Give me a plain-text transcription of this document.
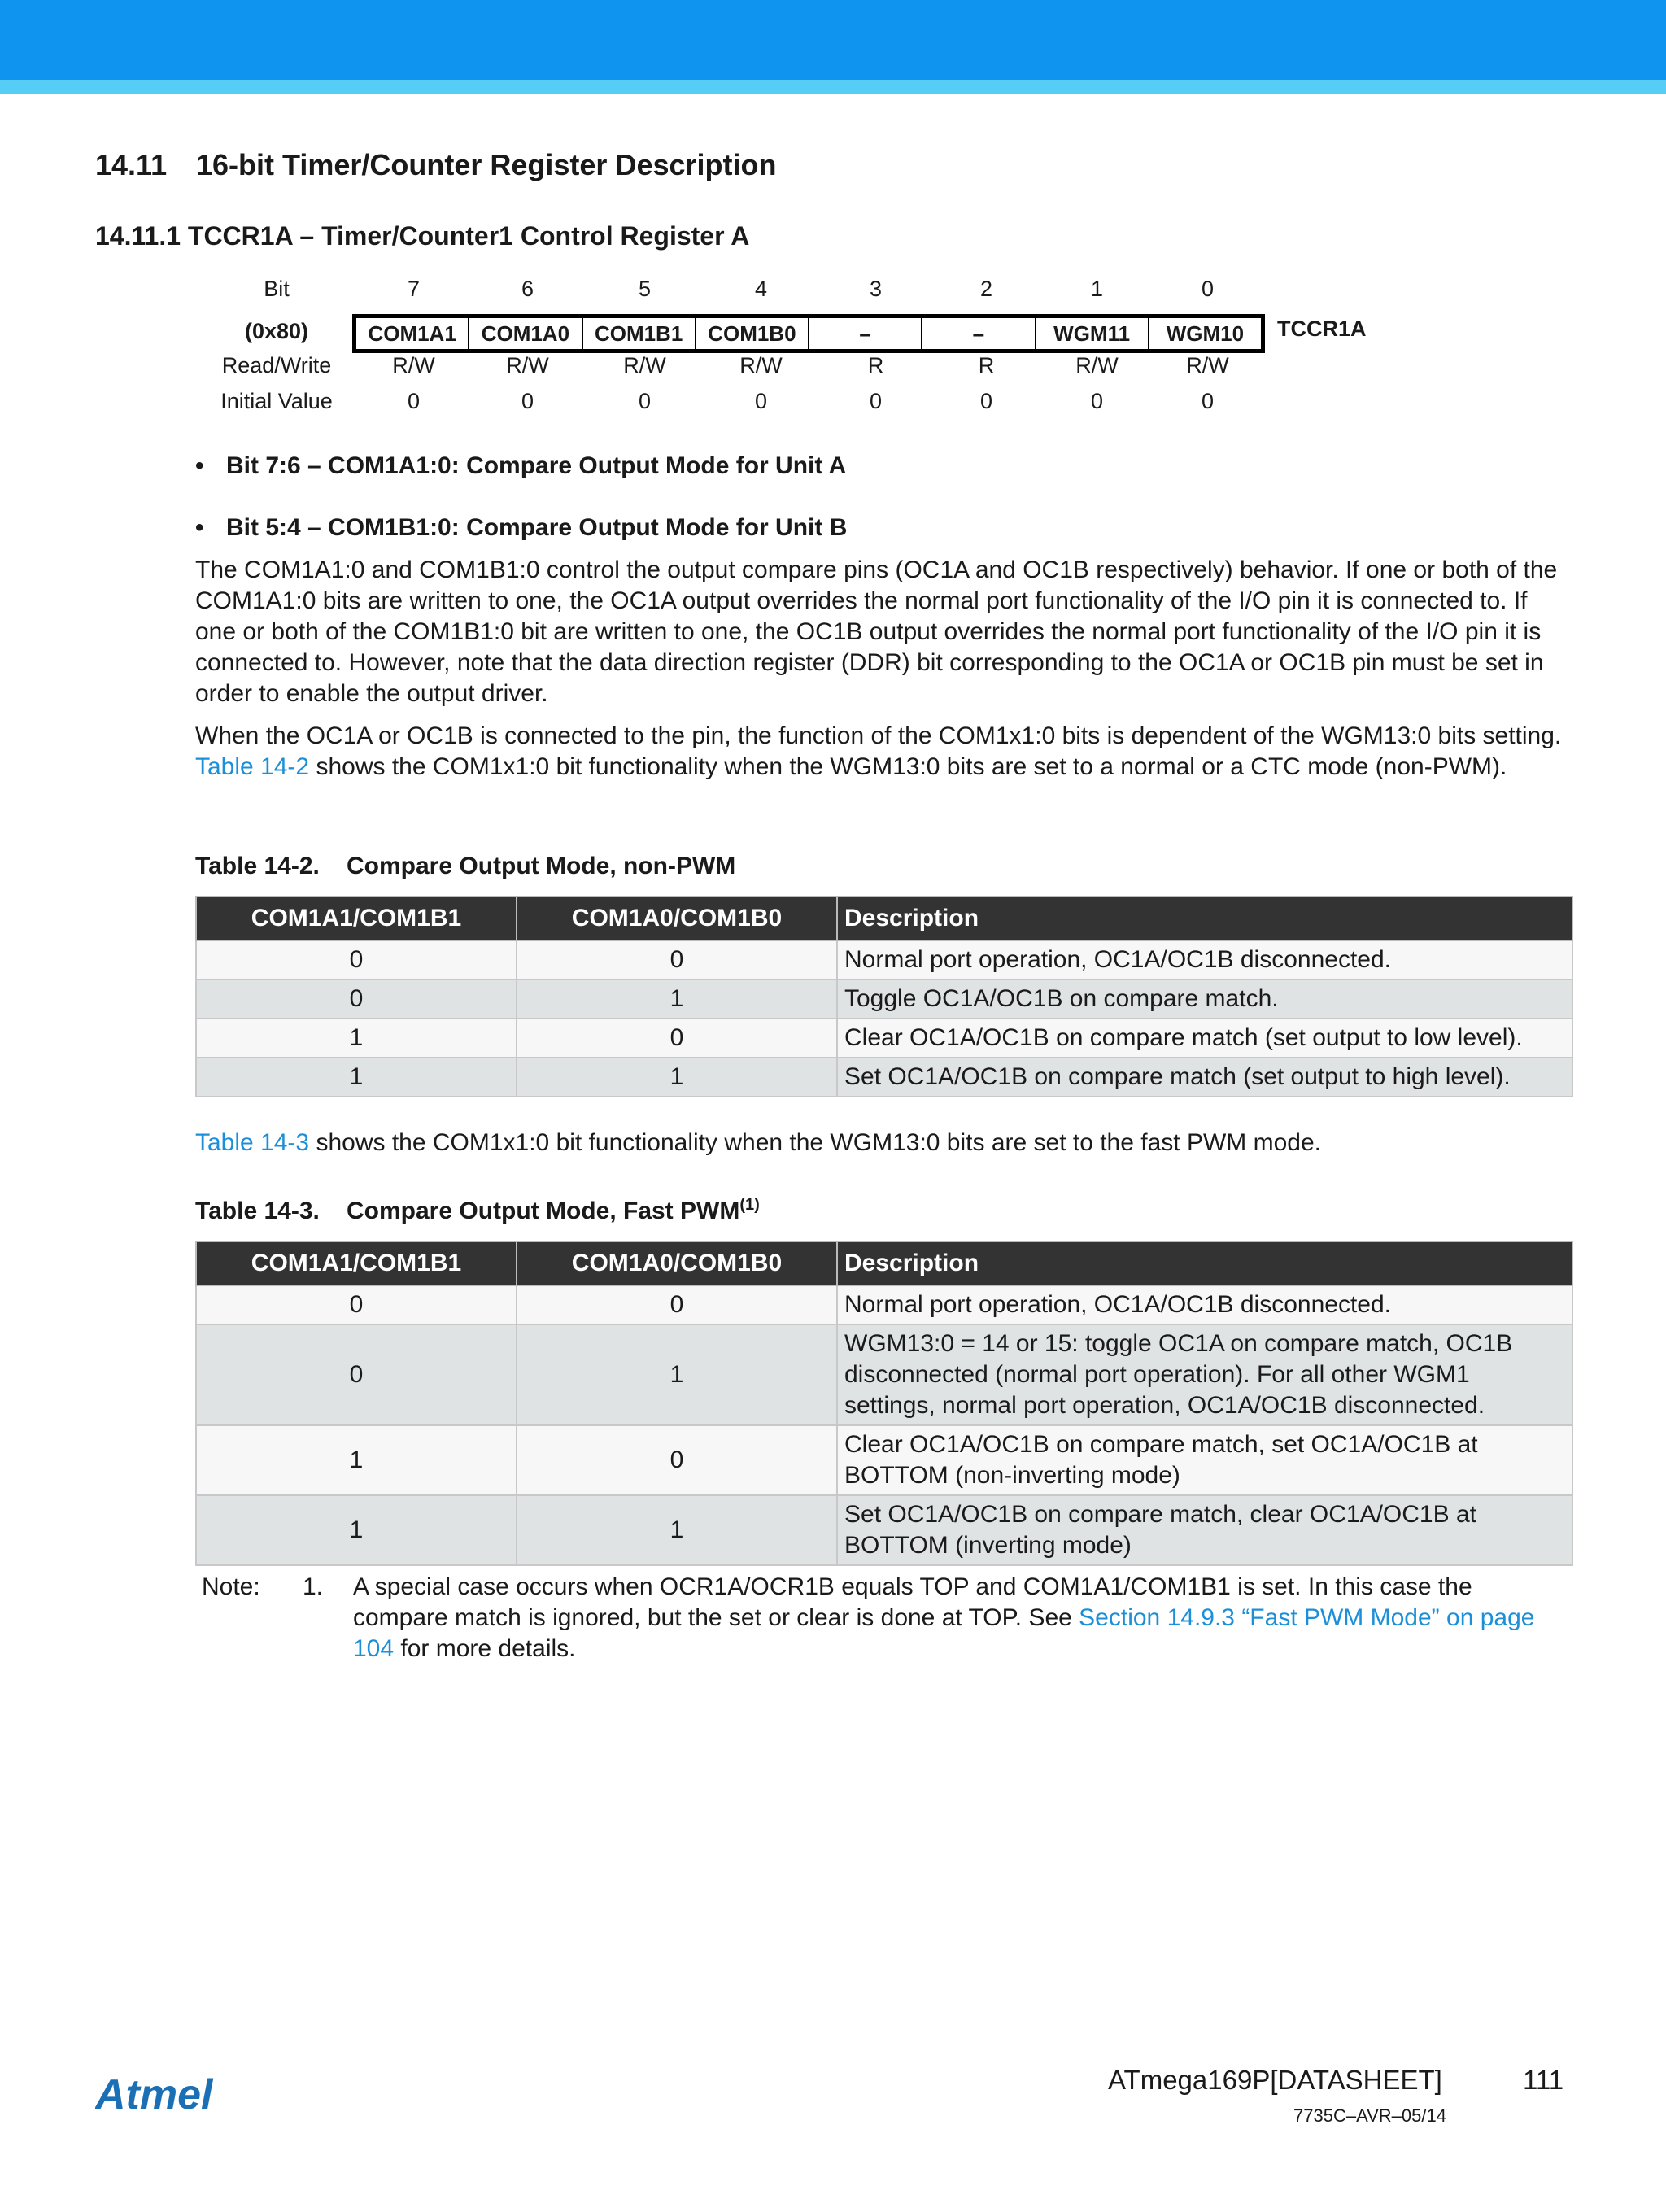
14.11 16-bit Timer/Counter Register Description
14.11.1 TCCR1A – Timer/Counter1 Control Register A
Bit	7	6	5	4	3	2	1	0
(0x80)	COM1A1	COM1A0	COM1B1	COM1B0	–	–	WGM11	WGM10	TCCR1A
Read/Write	R/W	R/W	R/W	R/W	R	R	R/W	R/W
Initial Value	0	0	0	0	0	0	0	0
• Bit 7:6 – COM1A1:0: Compare Output Mode for Unit A
• Bit 5:4 – COM1B1:0: Compare Output Mode for Unit B
The COM1A1:0 and COM1B1:0 control the output compare pins (OC1A and OC1B respectively) behavior. If one or both of the COM1A1:0 bits are written to one, the OC1A output overrides the normal port functionality of the I/O pin it is connected to. If one or both of the COM1B1:0 bit are written to one, the OC1B output overrides the normal port functionality of the I/O pin it is connected to. However, note that the data direction register (DDR) bit corresponding to the OC1A or OC1B pin must be set in order to enable the output driver.
When the OC1A or OC1B is connected to the pin, the function of the COM1x1:0 bits is dependent of the WGM13:0 bits setting. Table 14-2 shows the COM1x1:0 bit functionality when the WGM13:0 bits are set to a normal or a CTC mode (non-PWM).
Table 14-2. Compare Output Mode, non-PWM
COM1A1/COM1B1	COM1A0/COM1B0	Description
0	0	Normal port operation, OC1A/OC1B disconnected.
0	1	Toggle OC1A/OC1B on compare match.
1	0	Clear OC1A/OC1B on compare match (set output to low level).
1	1	Set OC1A/OC1B on compare match (set output to high level).
Table 14-3 shows the COM1x1:0 bit functionality when the WGM13:0 bits are set to the fast PWM mode.
Table 14-3. Compare Output Mode, Fast PWM$^{(1)}$
COM1A1/COM1B1	COM1A0/COM1B0	Description
0	0	Normal port operation, OC1A/OC1B disconnected.
0	1	WGM13:0 = 14 or 15: toggle OC1A on compare match, OC1B disconnected (normal port operation). For all other WGM1 settings, normal port operation, OC1A/OC1B disconnected.
1	0	Clear OC1A/OC1B on compare match, set OC1A/OC1B at BOTTOM (non-inverting mode)
1	1	Set OC1A/OC1B on compare match, clear OC1A/OC1B at BOTTOM (inverting mode)
Note: 1. A special case occurs when OCR1A/OCR1B equals TOP and COM1A1/COM1B1 is set. In this case the compare match is ignored, but the set or clear is done at TOP. See Section 14.9.3 “Fast PWM Mode” on page 104 for more details.
Atmel	ATmega169P[DATASHEET]	111
7735C–AVR–05/14
